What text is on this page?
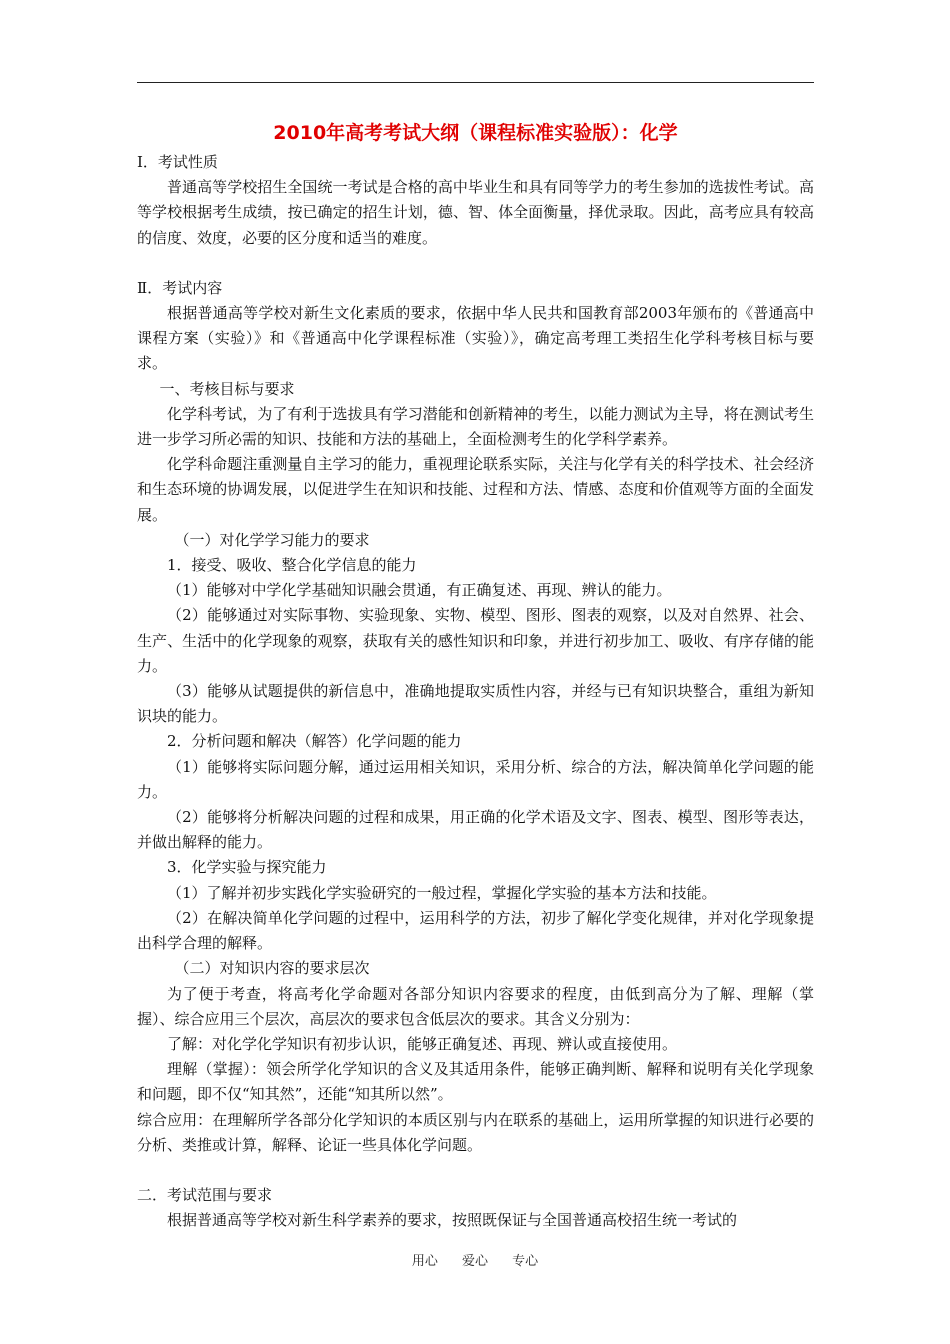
2010年高考考试大纲（课程标准实验版）：化学

Ⅰ．考试性质

普通高等学校招生全国统一考试是合格的高中毕业生和具有同等学力的考生参加的选拔性考试。高等学校根据考生成绩，按已确定的招生计划，德、智、体全面衡量，择优录取。因此，高考应具有较高的信度、效度，必要的区分度和适当的难度。

Ⅱ．考试内容

根据普通高等学校对新生文化素质的要求，依据中华人民共和国教育部2003年颁布的《普通高中课程方案（实验）》和《普通高中化学课程标准（实验）》，确定高考理工类招生化学科考核目标与要求。

一、考核目标与要求

化学科考试，为了有利于选拔具有学习潜能和创新精神的考生，以能力测试为主导，将在测试考生进一步学习所必需的知识、技能和方法的基础上，全面检测考生的化学科学素养。

化学科命题注重测量自主学习的能力，重视理论联系实际，关注与化学有关的科学技术、社会经济和生态环境的协调发展，以促进学生在知识和技能、过程和方法、情感、态度和价值观等方面的全面发展。

（一）对化学学习能力的要求

1．接受、吸收、整合化学信息的能力

（1）能够对中学化学基础知识融会贯通，有正确复述、再现、辨认的能力。

（2）能够通过对实际事物、实验现象、实物、模型、图形、图表的观察，以及对自然界、社会、生产、生活中的化学现象的观察，获取有关的感性知识和印象，并进行初步加工、吸收、有序存储的能力。

（3）能够从试题提供的新信息中，准确地提取实质性内容，并经与已有知识块整合，重组为新知识块的能力。

2．分析问题和解决（解答）化学问题的能力

（1）能够将实际问题分解，通过运用相关知识，采用分析、综合的方法，解决简单化学问题的能力。

（2）能够将分析解决问题的过程和成果，用正确的化学术语及文字、图表、模型、图形等表达，并做出解释的能力。

3．化学实验与探究能力

（1）了解并初步实践化学实验研究的一般过程，掌握化学实验的基本方法和技能。

（2）在解决简单化学问题的过程中，运用科学的方法，初步了解化学变化规律，并对化学现象提出科学合理的解释。

（二）对知识内容的要求层次

为了便于考查，将高考化学命题对各部分知识内容要求的程度，由低到高分为了解、理解（掌握）、综合应用三个层次，高层次的要求包含低层次的要求。其含义分别为：

了解：对化学化学知识有初步认识，能够正确复述、再现、辨认或直接使用。

理解（掌握）：领会所学化学知识的含义及其适用条件，能够正确判断、解释和说明有关化学现象和问题，即不仅“知其然”，还能“知其所以然”。

综合应用：在理解所学各部分化学知识的本质区别与内在联系的基础上，运用所掌握的知识进行必要的分析、类推或计算，解释、论证一些具体化学问题。

二．考试范围与要求

根据普通高等学校对新生科学素养的要求，按照既保证与全国普通高校招生统一考试的

用心 爱心 专心
